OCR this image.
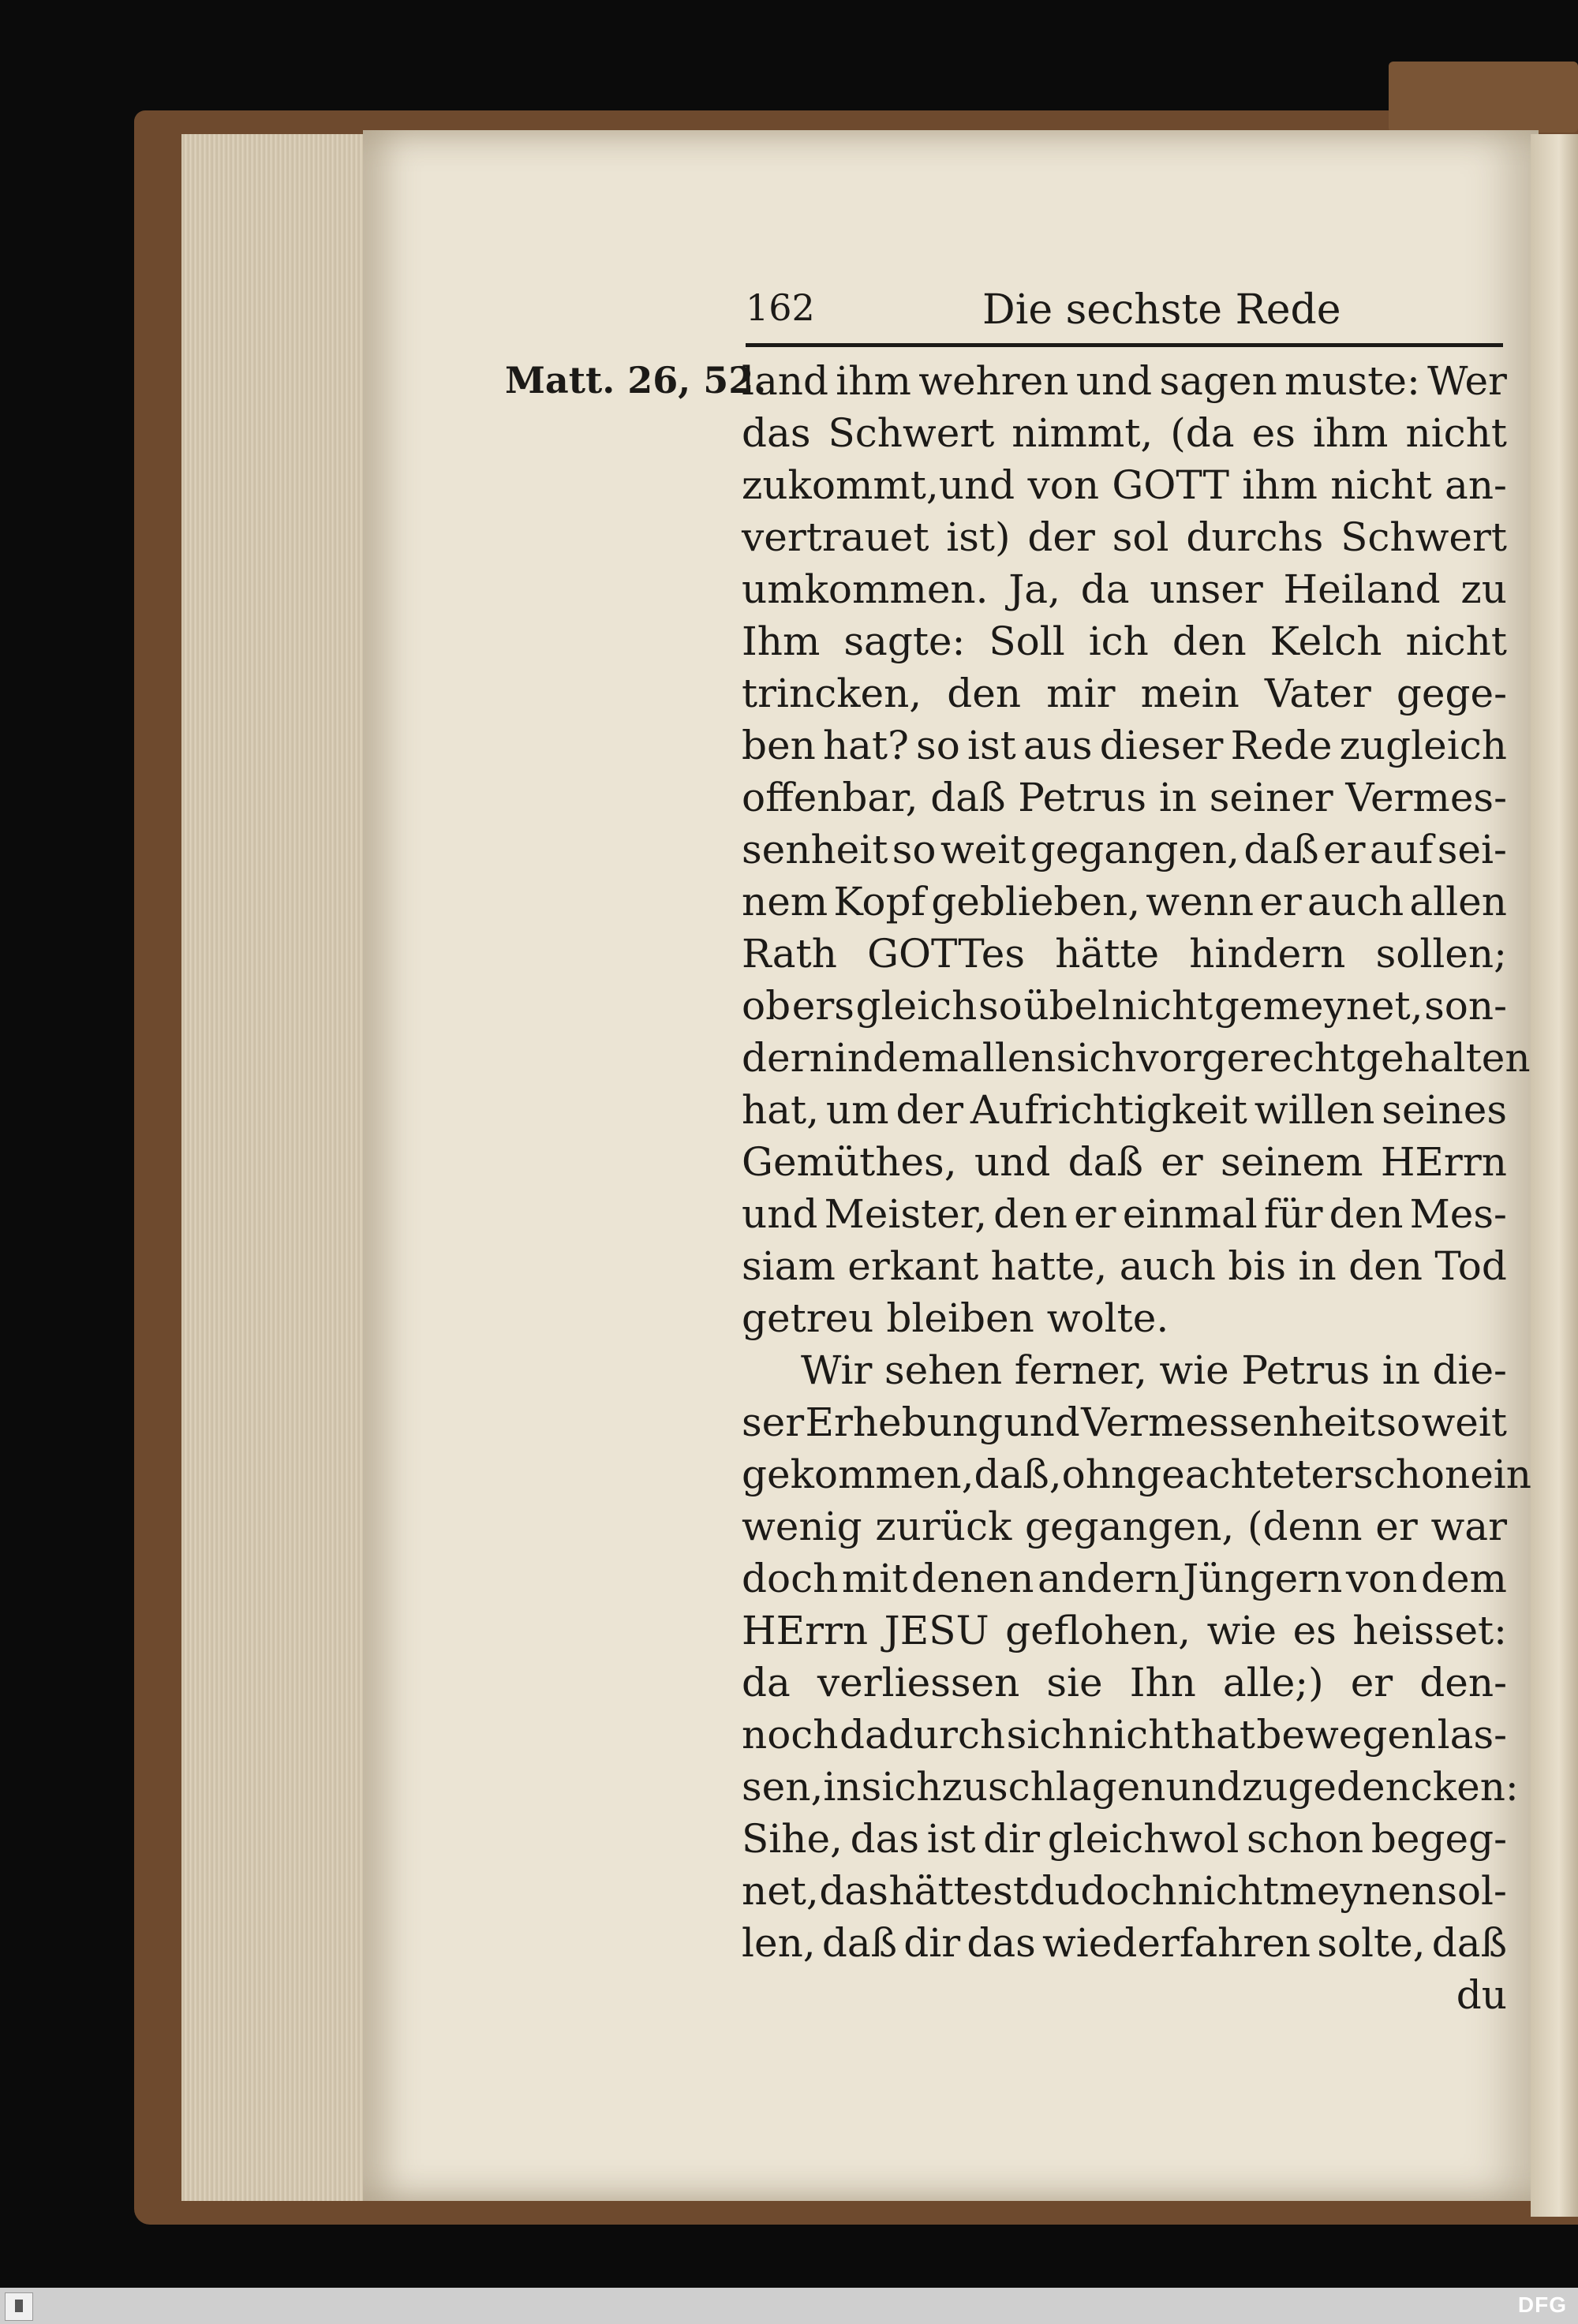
162	Die sechste Rede
Matt. 26, 52.
land ihm wehren und sagen muste: Wer
das Schwert nimmt, (da es ihm nicht
zukommt,und von GOTT ihm nicht an-
vertrauet ist) der sol durchs Schwert
umkommen. Ja, da unser Heiland zu
Ihm sagte: Soll ich den Kelch nicht
trincken, den mir mein Vater gege-
ben hat? so ist aus dieser Rede zugleich
offenbar, daß Petrus in seiner Vermes-
senheit so weit gegangen, daß er auf sei-
nem Kopf geblieben, wenn er auch allen
Rath GOTTes hätte hindern sollen;
ob ers gleich so übel nicht gemeynet, son-
dern in dem allen sich vor gerecht gehalten
hat, um der Aufrichtigkeit willen seines
Gemüthes, und daß er seinem HErrn
und Meister, den er einmal für den Mes-
siam erkant hatte, auch bis in den Tod
getreu bleiben wolte.
Wir sehen ferner, wie Petrus in die-
ser Erhebung und Vermessenheit so weit
gekommen, daß, ohngeachtet er schon ein
wenig zurück gegangen, (denn er war
doch mit denen andern Jüngern von dem
HErrn JESU geflohen, wie es heisset:
da verliessen sie Ihn alle;) er den-
noch dadurch sich nicht hat bewegen las-
sen, in sich zu schlagen und zu gedencken:
Sihe, das ist dir gleichwol schon begeg-
net, das hättest du doch nicht meynen sol-
len, daß dir das wiederfahren solte, daß
du
DFG
